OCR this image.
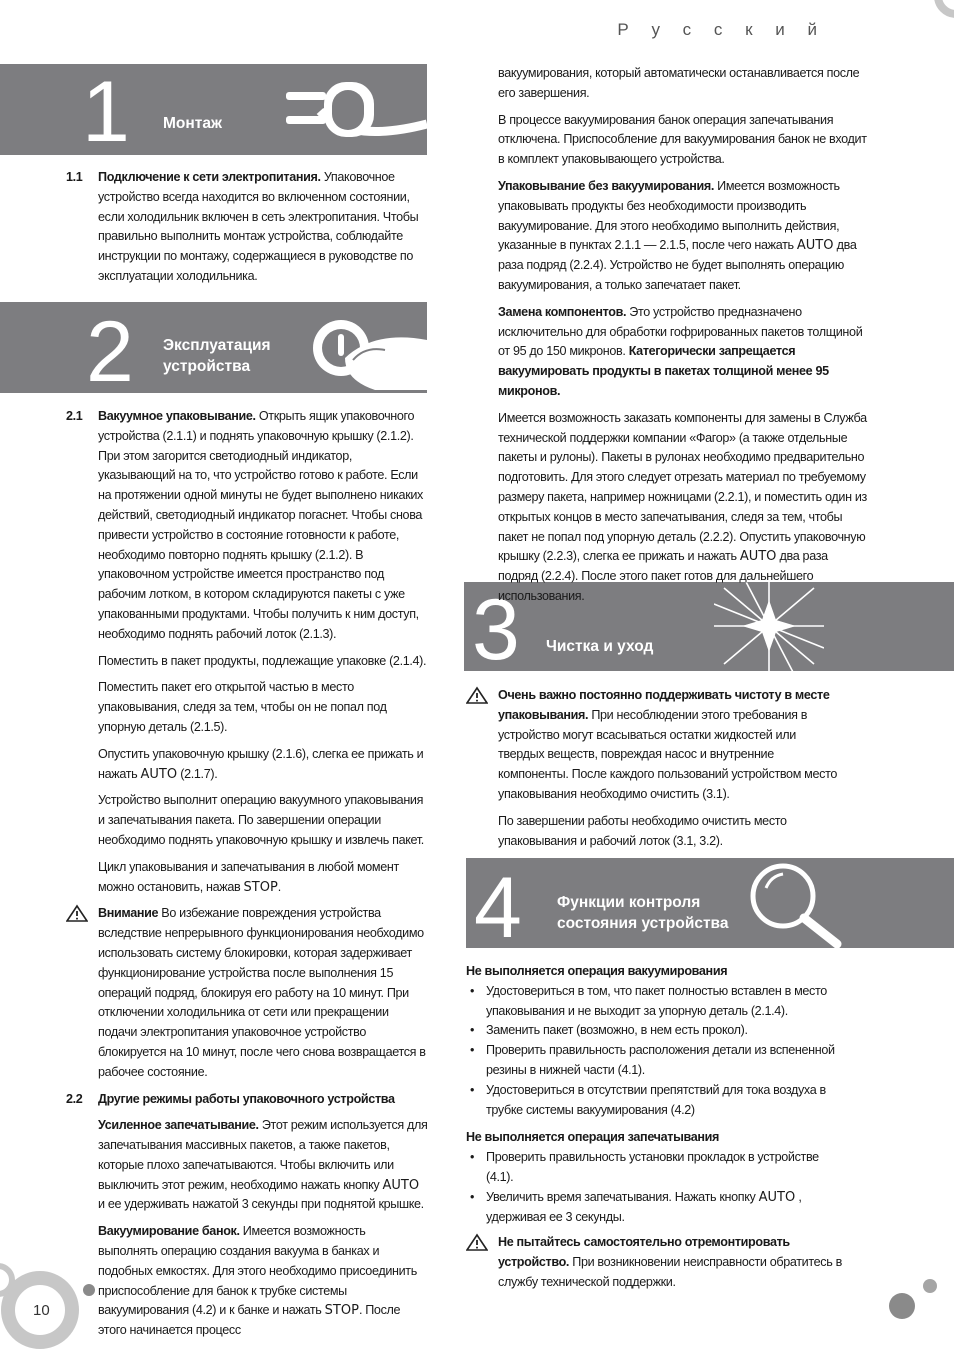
Р у с с к и й
10
1 Монтаж
2 Эксплуатация
устройства
3 Чистка и уход
4 Функции контроля
состояния устройства
1.1 Подключение к сети электропитания. Упаковочное устройство всегда находится во включенном состоянии, если холодильник включен в сеть электропитания. Чтобы правильно выполнить монтаж устройства, соблюдайте инструкции по монтажу, содержащиеся в руководстве по эксплуатации холодильника.
2.1 Вакуумное упаковывание. Открыть ящик упаковочного устройства (2.1.1) и поднять упаковочную крышку (2.1.2). При этом загорится светодиодный индикатор, указывающий на то, что устройство готово к работе. Если на протяжении одной минуты не будет выполнено никаких действий, светодиодный индикатор погаснет. Чтобы снова привести устройство в состояние готовности к работе, необходимо повторно поднять крышку (2.1.2). В упаковочном устройстве имеется пространство под рабочим лотком, в котором складируются пакеты с уже упакованными продуктами. Чтобы получить к ним доступ, необходимо поднять рабочий лоток (2.1.3).

Поместить в пакет продукты, подлежащие упаковке (2.1.4).

Поместить пакет его открытой частью в место упаковывания, следя за тем, чтобы он не попал под упорную деталь (2.1.5).

Опустить упаковочную крышку (2.1.6), слегка ее прижать и нажать AUTO (2.1.7).

Устройство выполнит операцию вакуумного упаковывания и запечатывания пакета. По завершении операции необходимо поднять упаковочную крышку и извлечь пакет.

Цикл упаковывания и запечатывания в любой момент можно остановить, нажав STOP.

Внимание Во избежание повреждения устройства вследствие непрерывного функционирования необходимо использовать систему блокировки, которая задерживает функционирование устройства после выполнения 15 операций подряд, блокируя его работу на 10 минут. При отключении холодильника от сети или прекращении подачи электропитания упаковочное устройство блокируется на 10 минут, после чего снова возвращается в рабочее состояние.
2.2 Другие режимы работы упаковочного устройства

Усиленное запечатывание. Этот режим используется для запечатывания массивных пакетов, а также пакетов, которые плохо запечатываются. Чтобы включить или выключить этот режим, необходимо нажать кнопку AUTO и ее удерживать нажатой 3 секунды при поднятой крышке.

Вакуумирование банок. Имеется возможность выполнять операцию создания вакуума в банках и подобных емкостях. Для этого необходимо присоединить приспособление для банок к трубке системы вакуумирования (4.2) и к банке и нажать STOP. После этого начинается процесс

вакуумирования, который автоматически останавливается после его завершения.

В процессе вакуумирования банок операция запечатывания отключена. Приспособление для вакуумирования банок не входит в комплект упаковывающего устройства.

Упаковывание без вакуумирования. Имеется возможность упаковывать продукты без необходимости производить вакуумирование. Для этого необходимо выполнить действия, указанные в пунктах 2.1.1 — 2.1.5, после чего нажать AUTO два раза подряд (2.2.4). Устройство не будет выполнять операцию вакуумирования, а только запечатает пакет.

Замена компонентов. Это устройство предназначено исключительно для обработки гофрированных пакетов толщиной от 95 до 150 микронов. Категорически запрещается вакуумировать продукты в пакетах толщиной менее 95 микронов.

Имеется возможность заказать компоненты для замены в Служба технической поддержки компании «Фагор» (а также отдельные пакеты и рулоны). Пакеты в рулонах необходимо предварительно подготовить. Для этого следует отрезать материал по требуемому размеру пакета, например ножницами (2.2.1), и поместить один из открытых концов в место запечатывания, следя за тем, чтобы пакет не попал под упорную деталь (2.2.2). Опустить упаковочную крышку (2.2.3), слегка ее прижать и нажать AUTO два раза подряд (2.2.4). После этого пакет готов для дальнейшего использования.

Очень важно постоянно поддерживать чистоту в месте упаковывания. При несоблюдении этого требования в устройство могут всасываться остатки жидкостей или твердых веществ, повреждая насос и внутренние компоненты. После каждого пользований устройством место упаковывания необходимо очистить (3.1).

По завершении работы необходимо очистить место упаковывания и рабочий лоток (3.1, 3.2).

Не выполняется операция вакуумирования

• Удостовериться в том, что пакет полностью вставлен в место упаковывания и не выходит за упорную деталь (2.1.4).
• Заменить пакет (возможно, в нем есть прокол).
• Проверить правильность расположения детали из вспененной резины в нижней части (4.1).
• Удостовериться в отсутствии препятствий для тока воздуха в трубке системы вакуумирования (4.2)

Не выполняется операция запечатывания

• Проверить правильность установки прокладок в устройстве (4.1).
• Увеличить время запечатывания. Нажать кнопку AUTO , удерживая ее 3 секунды.
Не пытайтесь самостоятельно отремонтировать устройство. При возникновении неисправности обратитесь в службу технической поддержки.
